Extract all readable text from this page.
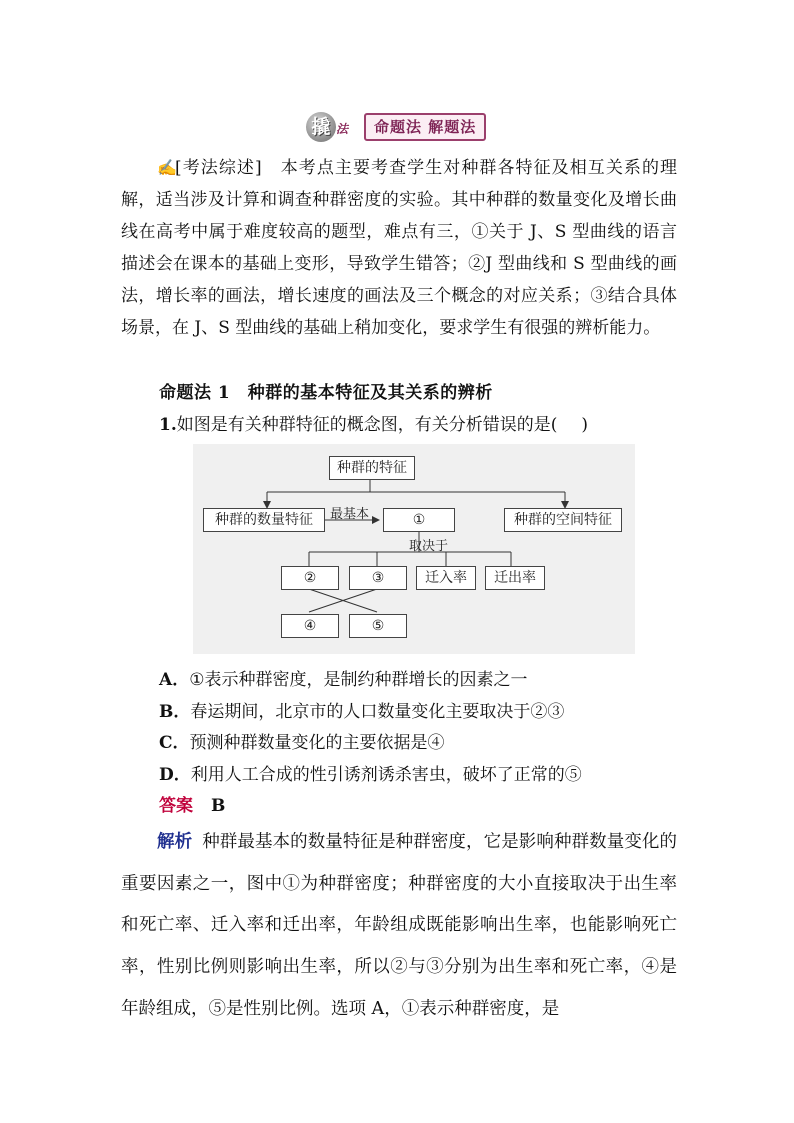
撬 法	命题法 解题法
✍[考法综述]　 本考点主要考查学生对种群各特征及相互关系的理解，适当涉及计算和调查种群密度的实验。其中种群的数量变化及增长曲线在高考中属于难度较高的题型，难点有三，①关于 J、S 型曲线的语言描述会在课本的基础上变形，导致学生错答；②J 型曲线和 S 型曲线的画法，增长率的画法，增长速度的画法及三个概念的对应关系；③结合具体场景，在 J、S 型曲线的基础上稍加变化，要求学生有很强的辨析能力。
命题法 1　种群的基本特征及其关系的辨析
1.如图是有关种群特征的概念图，有关分析错误的是( )
种群的特征
种群的数量特征	最基本	①	种群的空间特征
取决于
②	③	迁入率	迁出率
④	⑤
A．①表示种群密度，是制约种群增长的因素之一
B．春运期间，北京市的人口数量变化主要取决于②③
C．预测种群数量变化的主要依据是④
D．利用人工合成的性引诱剂诱杀害虫，破坏了正常的⑤
答案 B
解析 种群最基本的数量特征是种群密度，它是影响种群数量变化的重要因素之一，图中①为种群密度；种群密度的大小直接取决于出生率和死亡率、迁入率和迁出率，年龄组成既能影响出生率，也能影响死亡率，性别比例则影响出生率，所以②与③分别为出生率和死亡率，④是年龄组成，⑤是性别比例。选项 A，①表示种群密度，是
